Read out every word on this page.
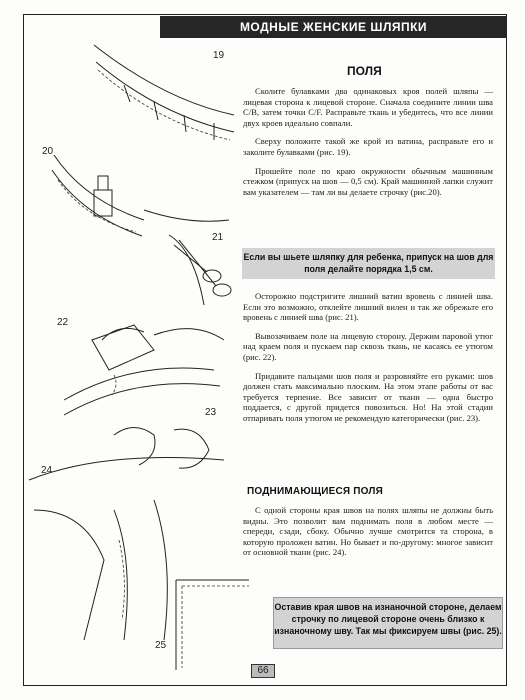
МОДНЫЕ ЖЕНСКИЕ ШЛЯПКИ
19
20
21
22
23
24
25
ПОЛЯ

Сколите булавками два одинаковых кроя полей шляпы — лицевая сторона к лицевой стороне. Сначала соедините линии шва C/B, затем точки C/F. Расправьте ткань и убедитесь, что все линии двух кроев идеально совпали.

Сверху положите такой же крой из ватина, расправьте его и заколите булавками (рис. 19).

Прошейте поле по краю окружности обычным машинным стежком (припуск на шов — 0,5 см). Край машинной лапки служит вам указателем — там ли вы делаете строчку (рис.20).

Если вы шьете шляпку для ребенка, припуск на шов для поля делайте порядка 1,5 см.

Осторожно подстригите лишний ватин вровень с линией шва. Если это возможно, отклейте лишний вилен и так же обрежьте его вровень с линией шва (рис. 21).

Вывозачиваем поле на лицевую сторону. Держим паровой утюг над краем поля и пускаем пар сквозь ткань, не касаясь ее утюгом (рис. 22).

Придавите пальцами шов поля и разровняйте его руками: шов должен стать максимально плоским. На этом этапе работы от вас требуется терпение. Все зависит от ткани — одна быстро поддается, с другой придется повозиться. Но! На этой стадии отпаривать поля утюгом не рекомендую категорически (рис. 23).

ПОДНИМАЮЩИЕСЯ ПОЛЯ

С одной стороны края швов на полях шляпы не должны быть видны. Это позволит вам поднимать поля в любом месте — спереди, сзади, сбоку. Обычно лучше смотрится та сторона, в которую проложен ватин. Но бывает и по-другому: многое зависит от основной ткани (рис. 24).

Оставив края швов на изнаночной стороне, делаем строчку по лицевой стороне очень близко к изнаночному шву. Так мы фиксируем швы (рис. 25).
66
